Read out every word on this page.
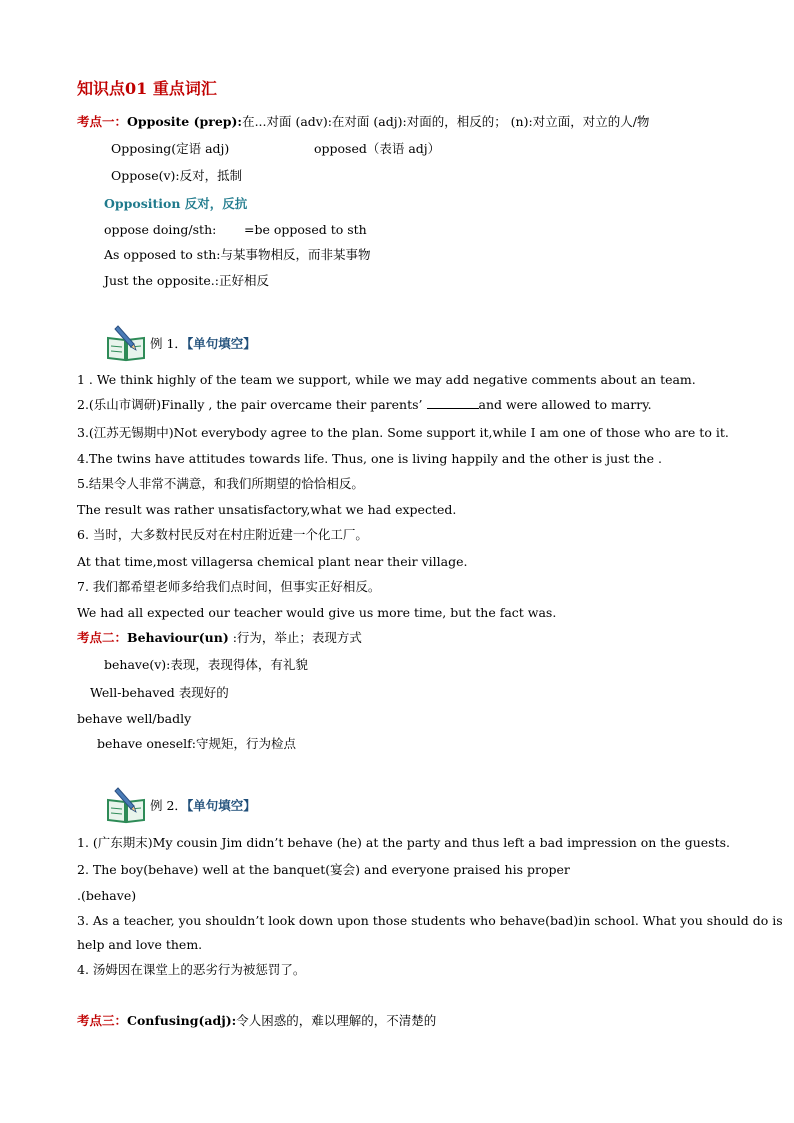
知识点01 重点词汇
考点一：Opposite (prep):在...对面 (adv):在对面 (adj):对面的，相反的； (n):对立面，对立的人/物
Opposing(定语 adj)	opposed（表语 adj）
Oppose(v):反对，抵制
Opposition 反对，反抗
oppose doing/sth: =be opposed to sth
As opposed to sth:与某事物相反，而非某事物
Just the opposite.:正好相反
例 1．【单句填空】
1 . We think highly of the team we support, while we may add negative comments about an team.
2.(乐山市调研)Finally , the pair overcame their parents’	and were allowed to marry.
3.(江苏无锡期中)Not everybody agree to the plan. Some support it,while I am one of those who are to it.
4.The twins have attitudes towards life. Thus, one is living happily and the other is just the .
5.结果令人非常不满意，和我们所期望的恰恰相反。
The result was rather unsatisfactory,what we had expected.
6. 当时，大多数村民反对在村庄附近建一个化工厂。
At that time,most villagersa chemical plant near their village.
7. 我们都希望老师多给我们点时间，但事实正好相反。
We had all expected our teacher would give us more time, but the fact was.
考点二：Behaviour(un) :行为，举止；表现方式
behave(v):表现，表现得体，有礼貌
Well-behaved 表现好的
behave well/badly
behave oneself:守规矩，行为检点
例 2．【单句填空】
1. (广东期末)My cousin Jim didn’t behave (he) at the party and thus left a bad impression on the guests.
2. The boy(behave) well at the banquet(宴会) and everyone praised his proper
.(behave)
3. As a teacher, you shouldn’t look down upon those students who behave(bad)in school. What you should do is
help and love them.
4. 汤姆因在课堂上的恶劣行为被惩罚了。
考点三：Confusing(adj):令人困惑的，难以理解的，不清楚的
